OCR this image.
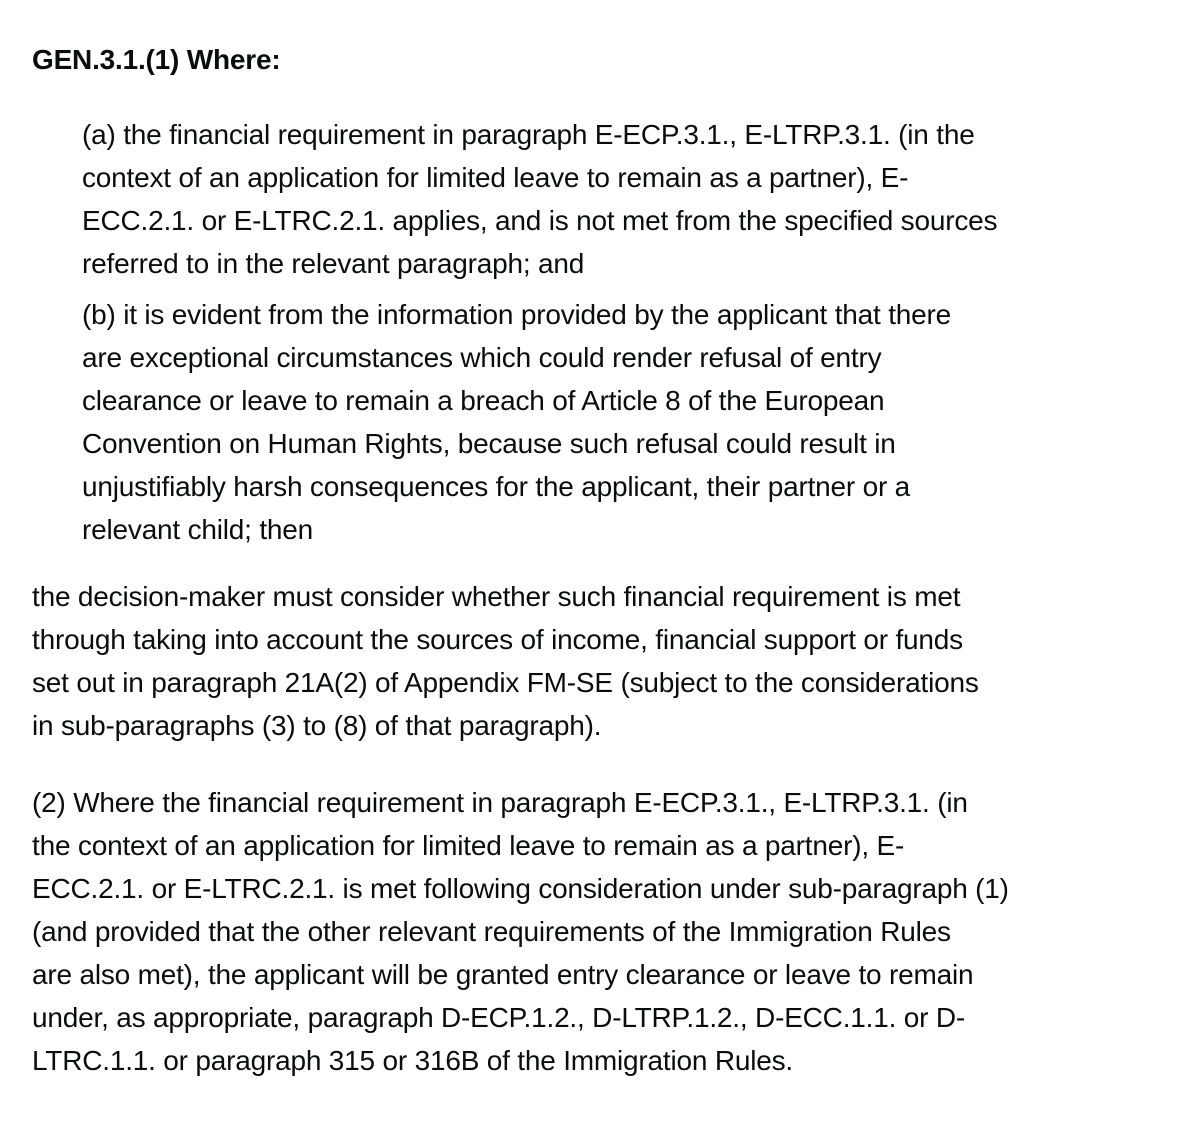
GEN.3.1.(1) Where:
(a) the financial requirement in paragraph E-ECP.3.1., E-LTRP.3.1. (in the
context of an application for limited leave to remain as a partner), E-
ECC.2.1. or E-LTRC.2.1. applies, and is not met from the specified sources
referred to in the relevant paragraph; and
(b) it is evident from the information provided by the applicant that there
are exceptional circumstances which could render refusal of entry
clearance or leave to remain a breach of Article 8 of the European
Convention on Human Rights, because such refusal could result in
unjustifiably harsh consequences for the applicant, their partner or a
relevant child; then

the decision-maker must consider whether such financial requirement is met
through taking into account the sources of income, financial support or funds
set out in paragraph 21A(2) of Appendix FM-SE (subject to the considerations
in sub-paragraphs (3) to (8) of that paragraph).

(2) Where the financial requirement in paragraph E-ECP.3.1., E-LTRP.3.1. (in
the context of an application for limited leave to remain as a partner), E-
ECC.2.1. or E-LTRC.2.1. is met following consideration under sub-paragraph (1)
(and provided that the other relevant requirements of the Immigration Rules
are also met), the applicant will be granted entry clearance or leave to remain
under, as appropriate, paragraph D-ECP.1.2., D-LTRP.1.2., D-ECC.1.1. or D-
LTRC.1.1. or paragraph 315 or 316B of the Immigration Rules.
